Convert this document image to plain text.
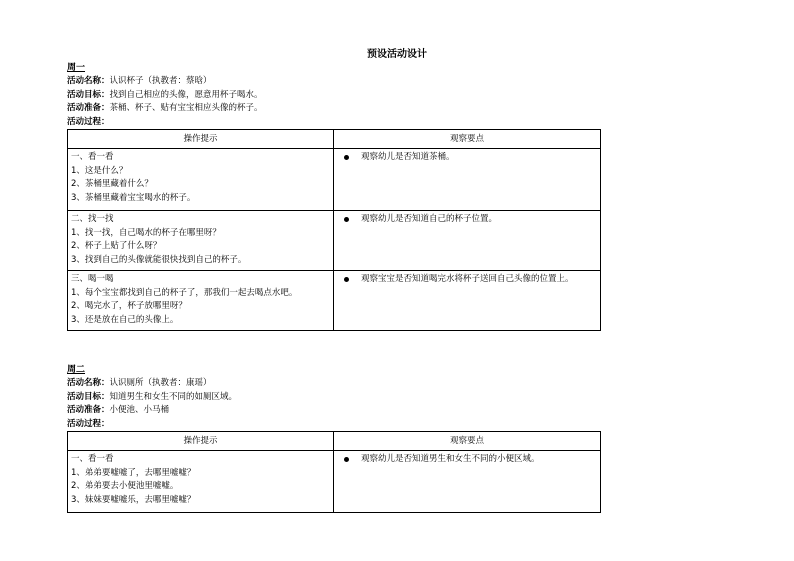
预设活动设计
周一
活动名称：认识杯子（执教者：蔡晗）
活动目标：找到自己相应的头像，愿意用杯子喝水。
活动准备：茶桶、杯子、贴有宝宝相应头像的杯子。
活动过程：
操作提示	观察要点

一、看一看
1、这是什么？
2、茶桶里藏着什么？
3、茶桶里藏着宝宝喝水的杯子。	观察幼儿是否知道茶桶。

二、找一找
1、找一找，自己喝水的杯子在哪里呀？
2、杯子上贴了什么呀？
3、找到自己的头像就能很快找到自己的杯子。	观察幼儿是否知道自己的杯子位置。

三、喝一喝
1、每个宝宝都找到自己的杯子了，那我们一起去喝点水吧。
2、喝完水了，杯子放哪里呀？
3、还是放在自己的头像上。	观察宝宝是否知道喝完水将杯子送回自己头像的位置上。
周二
活动名称：认识厕所（执教者：康瑶）
活动目标：知道男生和女生不同的如厕区域。
活动准备：小便池、小马桶
活动过程：
操作提示	观察要点

一、看一看
1、弟弟要嘘嘘了，去哪里嘘嘘？
2、弟弟要去小便池里嘘嘘。
3、妹妹要嘘嘘乐，去哪里嘘嘘？	观察幼儿是否知道男生和女生不同的小便区域。
